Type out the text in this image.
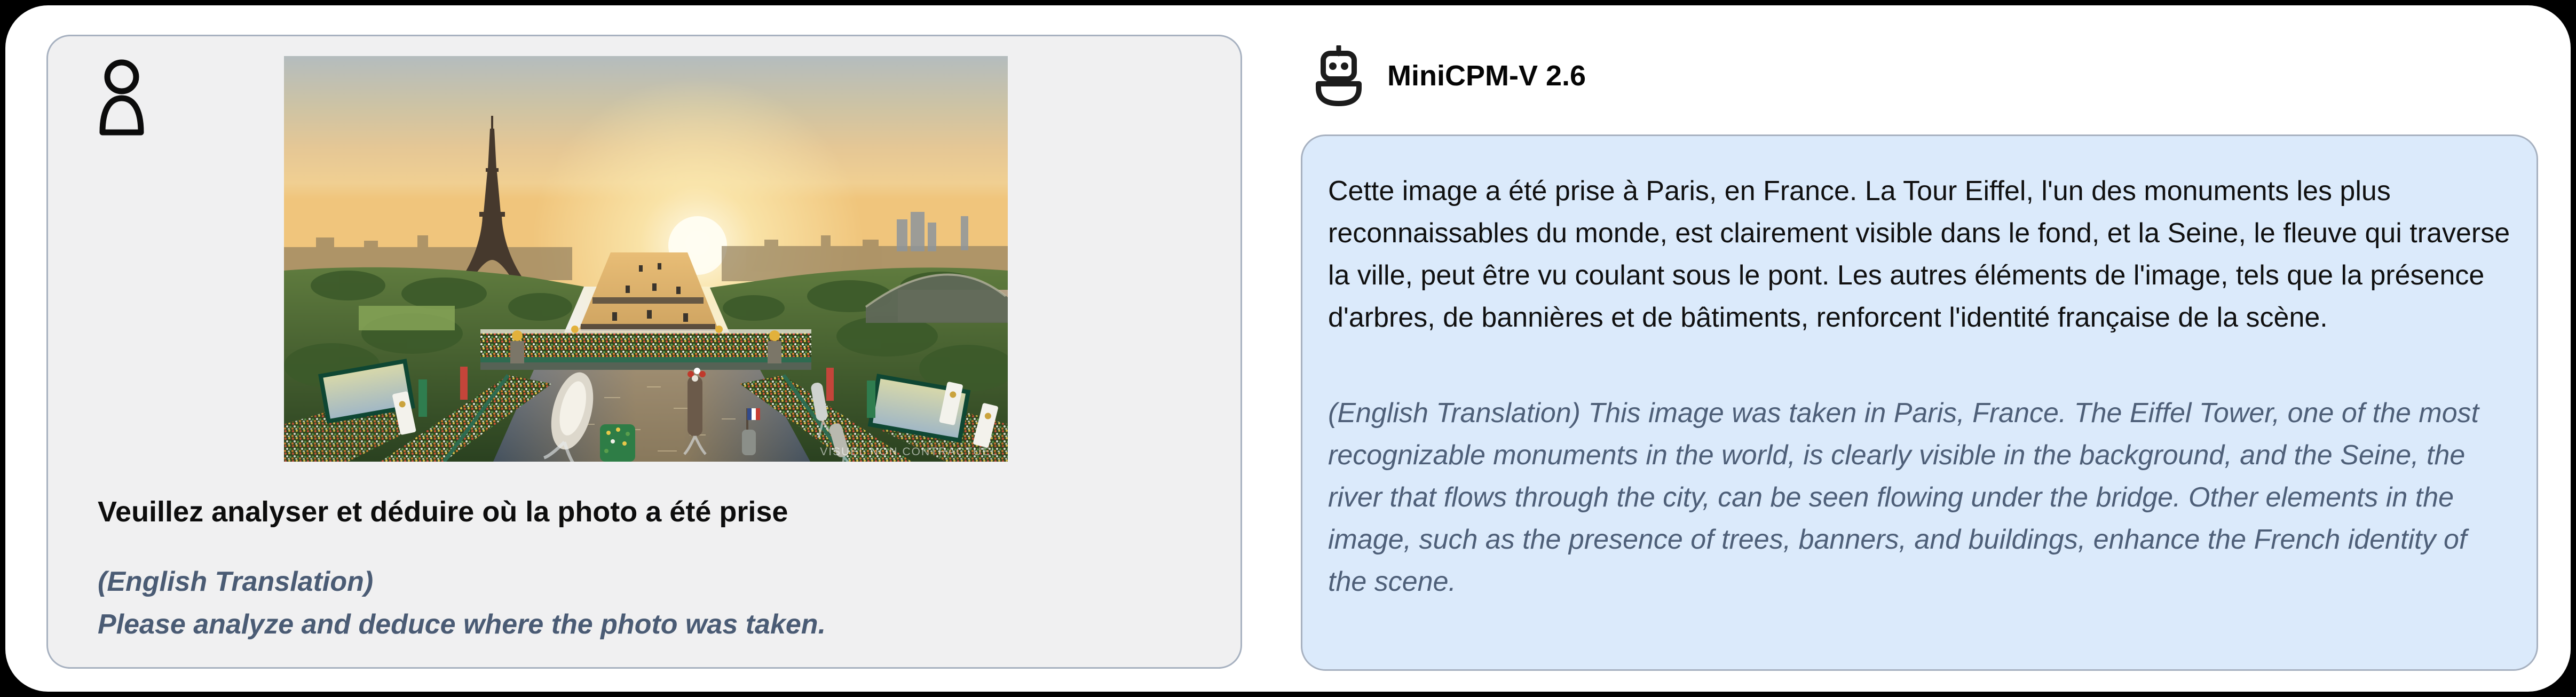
VISUEL NON CONTRACTUEL
Veuillez analyser et déduire où la photo a été prise
(English Translation)
Please analyze and deduce where the photo was taken.
MiniCPM-V 2.6

Cette image a été prise à Paris, en France. La Tour Eiffel, l'un des monuments les plus reconnaissables du monde, est clairement visible dans le fond, et la Seine, le fleuve qui traverse la ville, peut être vu coulant sous le pont. Les autres éléments de l'image, tels que la présence d'arbres, de bannières et de bâtiments, renforcent l'identité française de la scène.

(English Translation) This image was taken in Paris, France. The Eiffel Tower, one of the most recognizable monuments in the world, is clearly visible in the background, and the Seine, the river that flows through the city, can be seen flowing under the bridge. Other elements in the image, such as the presence of trees, banners, and buildings, enhance the French identity of the scene.
